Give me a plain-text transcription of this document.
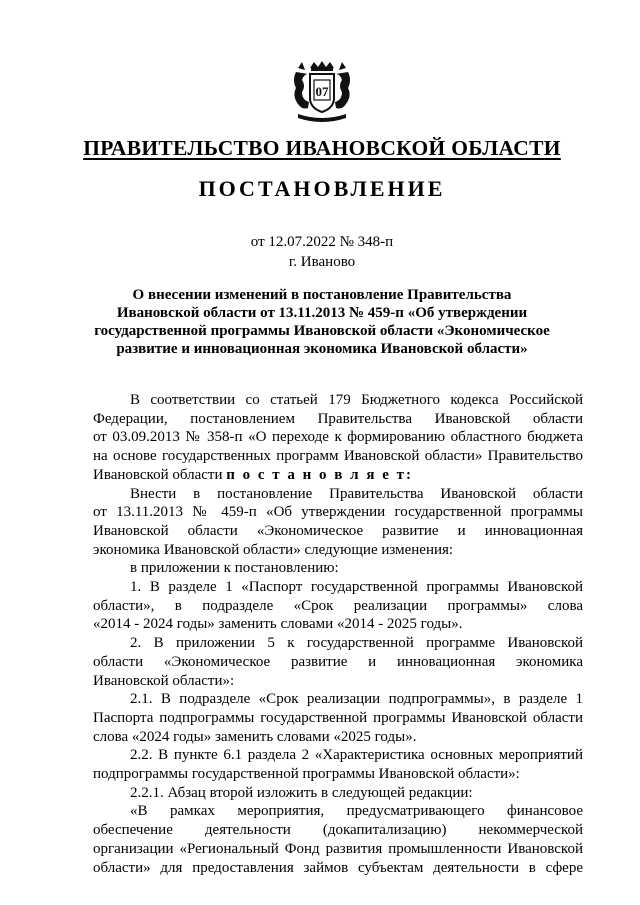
07
ПРАВИТЕЛЬСТВО ИВАНОВСКОЙ ОБЛАСТИ
ПОСТАНОВЛЕНИЕ
от 12.07.2022 № 348-п
г. Иваново
О внесении изменений в постановление Правительства
Ивановской области от 13.11.2013 № 459-п «Об утверждении
государственной программы Ивановской области «Экономическое
развитие и инновационная экономика Ивановской области»
В соответствии со статьей 179 Бюджетного кодекса Российской
Федерации, постановлением Правительства Ивановской области
от 03.09.2013 № 358-п «О переходе к формированию областного бюджета
на основе государственных программ Ивановской области» Правительство
Ивановской области п о с т а н о в л я е т:
Внести в постановление Правительства Ивановской области
от 13.11.2013 № 459-п «Об утверждении государственной программы
Ивановской области «Экономическое развитие и инновационная
экономика Ивановской области» следующие изменения:
в приложении к постановлению:
1. В разделе 1 «Паспорт государственной программы Ивановской
области», в подразделе «Срок реализации программы» слова
«2014 - 2024 годы» заменить словами «2014 - 2025 годы».
2. В приложении 5 к государственной программе Ивановской
области «Экономическое развитие и инновационная экономика
Ивановской области»:
2.1. В подразделе «Срок реализации подпрограммы», в разделе 1
Паспорта подпрограммы государственной программы Ивановской области
слова «2024 годы» заменить словами «2025 годы».
2.2. В пункте 6.1 раздела 2 «Характеристика основных мероприятий
подпрограммы государственной программы Ивановской области»:
2.2.1. Абзац второй изложить в следующей редакции:
«В рамках мероприятия, предусматривающего финансовое
обеспечение деятельности (докапитализацию) некоммерческой
организации «Региональный Фонд развития промышленности Ивановской
области» для предоставления займов субъектам деятельности в сфере
